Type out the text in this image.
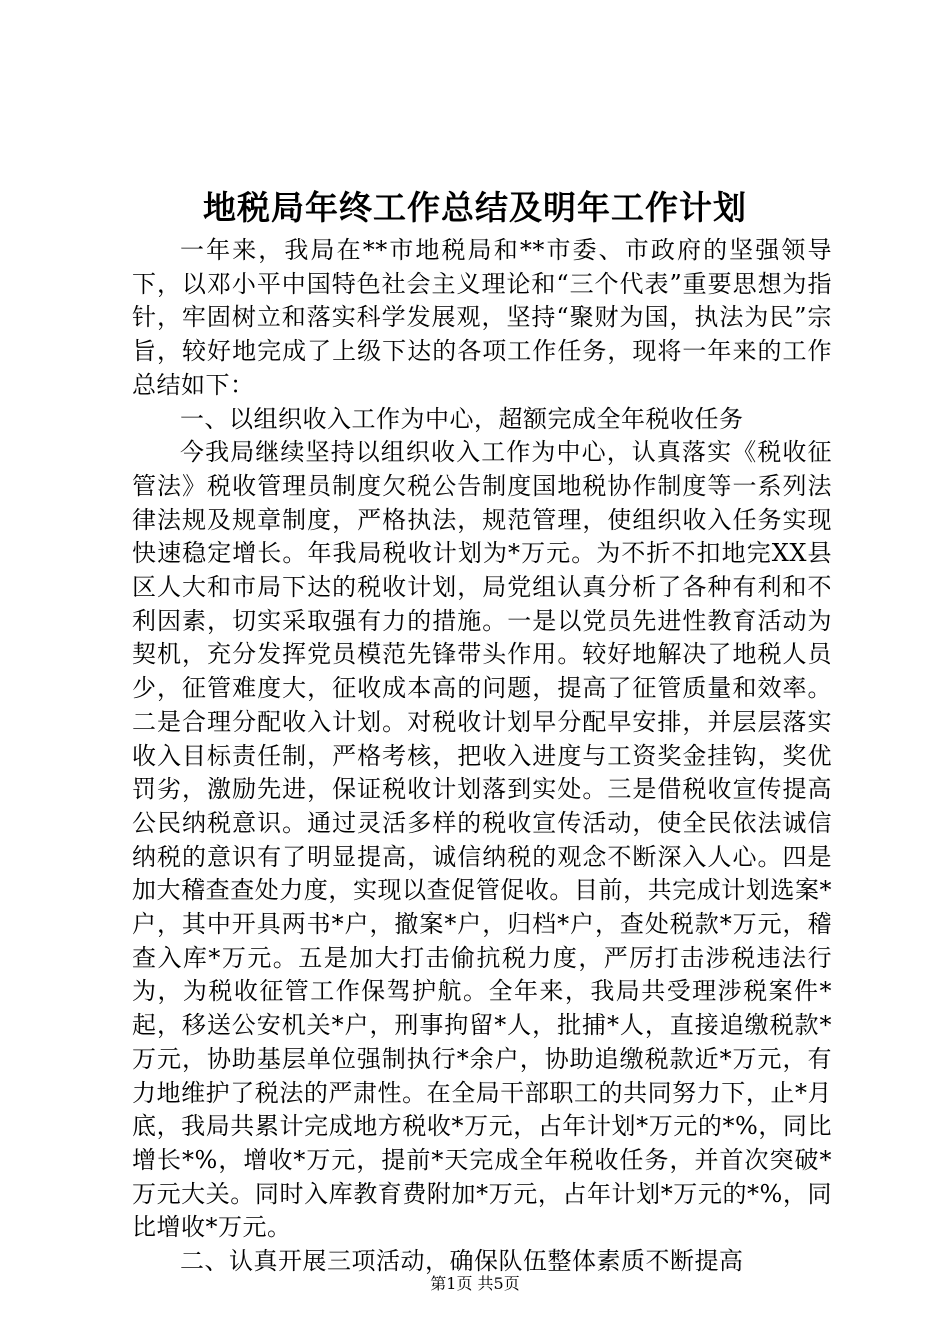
地税局年终工作总结及明年工作计划

一年来，我局在**市地税局和**市委、市政府的坚强领导下，以邓小平中国特色社会主义理论和“三个代表”重要思想为指针，牢固树立和落实科学发展观，坚持“聚财为国，执法为民”宗旨，较好地完成了上级下达的各项工作任务，现将一年来的工作总结如下：

一、以组织收入工作为中心，超额完成全年税收任务

今我局继续坚持以组织收入工作为中心，认真落实《税收征管法》税收管理员制度欠税公告制度国地税协作制度等一系列法律法规及规章制度，严格执法，规范管理，使组织收入任务实现快速稳定增长。年我局税收计划为*万元。为不折不扣地完XX县区人大和市局下达的税收计划，局党组认真分析了各种有利和不利因素，切实采取强有力的措施。一是以党员先进性教育活动为契机，充分发挥党员模范先锋带头作用。较好地解决了地税人员少，征管难度大，征收成本高的问题，提高了征管质量和效率。二是合理分配收入计划。对税收计划早分配早安排，并层层落实收入目标责任制，严格考核，把收入进度与工资奖金挂钩，奖优罚劣，激励先进，保证税收计划落到实处。三是借税收宣传提高公民纳税意识。通过灵活多样的税收宣传活动，使全民依法诚信纳税的意识有了明显提高，诚信纳税的观念不断深入人心。四是加大稽查查处力度，实现以查促管促收。目前，共完成计划选案*户，其中开具两书*户，撤案*户，归档*户，查处税款*万元，稽查入库*万元。五是加大打击偷抗税力度，严厉打击涉税违法行为，为税收征管工作保驾护航。全年来，我局共受理涉税案件*起，移送公安机关*户，刑事拘留*人，批捕*人，直接追缴税款*万元，协助基层单位强制执行*余户，协助追缴税款近*万元，有力地维护了税法的严肃性。在全局干部职工的共同努力下，止*月底，我局共累计完成地方税收*万元，占年计划*万元的*%，同比增长*%，增收*万元，提前*天完成全年税收任务，并首次突破*万元大关。同时入库教育费附加*万元，占年计划*万元的*%，同比增收*万元。

二、认真开展三项活动，确保队伍整体素质不断提高

第1页 共5页
